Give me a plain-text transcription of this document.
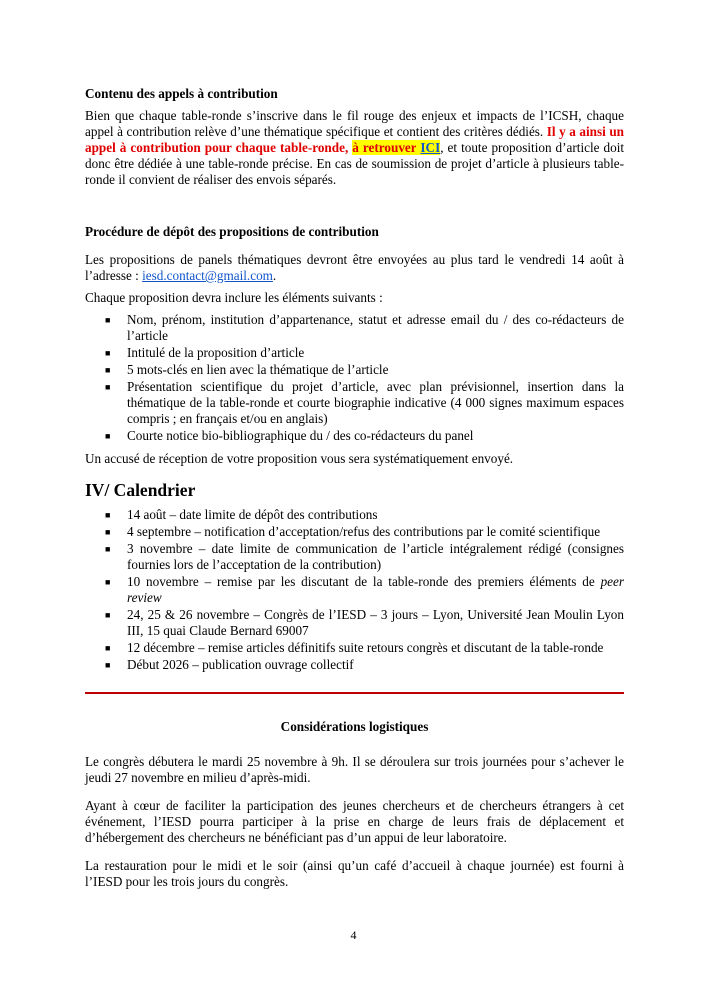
Contenu des appels à contribution

Bien que chaque table-ronde s’inscrive dans le fil rouge des enjeux et impacts de l’ICSH, chaque appel à contribution relève d’une thématique spécifique et contient des critères dédiés. Il y a ainsi un appel à contribution pour chaque table-ronde, à retrouver ICI, et toute proposition d’article doit donc être dédiée à une table-ronde précise. En cas de soumission de projet d’article à plusieurs table-ronde il convient de réaliser des envois séparés.

Procédure de dépôt des propositions de contribution

Les propositions de panels thématiques devront être envoyées au plus tard le vendredi 14 août à l’adresse : iesd.contact@gmail.com.

Chaque proposition devra inclure les éléments suivants :

■ Nom, prénom, institution d’appartenance, statut et adresse email du / des co-rédacteurs de l’article
■ Intitulé de la proposition d’article
■ 5 mots-clés en lien avec la thématique de l’article
■ Présentation scientifique du projet d’article, avec plan prévisionnel, insertion dans la thématique de la table-ronde et courte biographie indicative (4 000 signes maximum espaces compris ; en français et/ou en anglais)
■ Courte notice bio-bibliographique du / des co-rédacteurs du panel

Un accusé de réception de votre proposition vous sera systématiquement envoyé.

IV/ Calendrier

■ 14 août – date limite de dépôt des contributions
■ 4 septembre – notification d’acceptation/refus des contributions par le comité scientifique
■ 3 novembre – date limite de communication de l’article intégralement rédigé (consignes fournies lors de l’acceptation de la contribution)
■ 10 novembre – remise par les discutant de la table-ronde des premiers éléments de peer review
■ 24, 25 & 26 novembre – Congrès de l’IESD – 3 jours – Lyon, Université Jean Moulin Lyon III, 15 quai Claude Bernard 69007
■ 12 décembre – remise articles définitifs suite retours congrès et discutant de la table-ronde
■ Début 2026 – publication ouvrage collectif

Considérations logistiques

Le congrès débutera le mardi 25 novembre à 9h. Il se déroulera sur trois journées pour s’achever le jeudi 27 novembre en milieu d’après-midi.

Ayant à cœur de faciliter la participation des jeunes chercheurs et de chercheurs étrangers à cet événement, l’IESD pourra participer à la prise en charge de leurs frais de déplacement et d’hébergement des chercheurs ne bénéficiant pas d’un appui de leur laboratoire.

La restauration pour le midi et le soir (ainsi qu’un café d’accueil à chaque journée) est fourni à l’IESD pour les trois jours du congrès.

4
